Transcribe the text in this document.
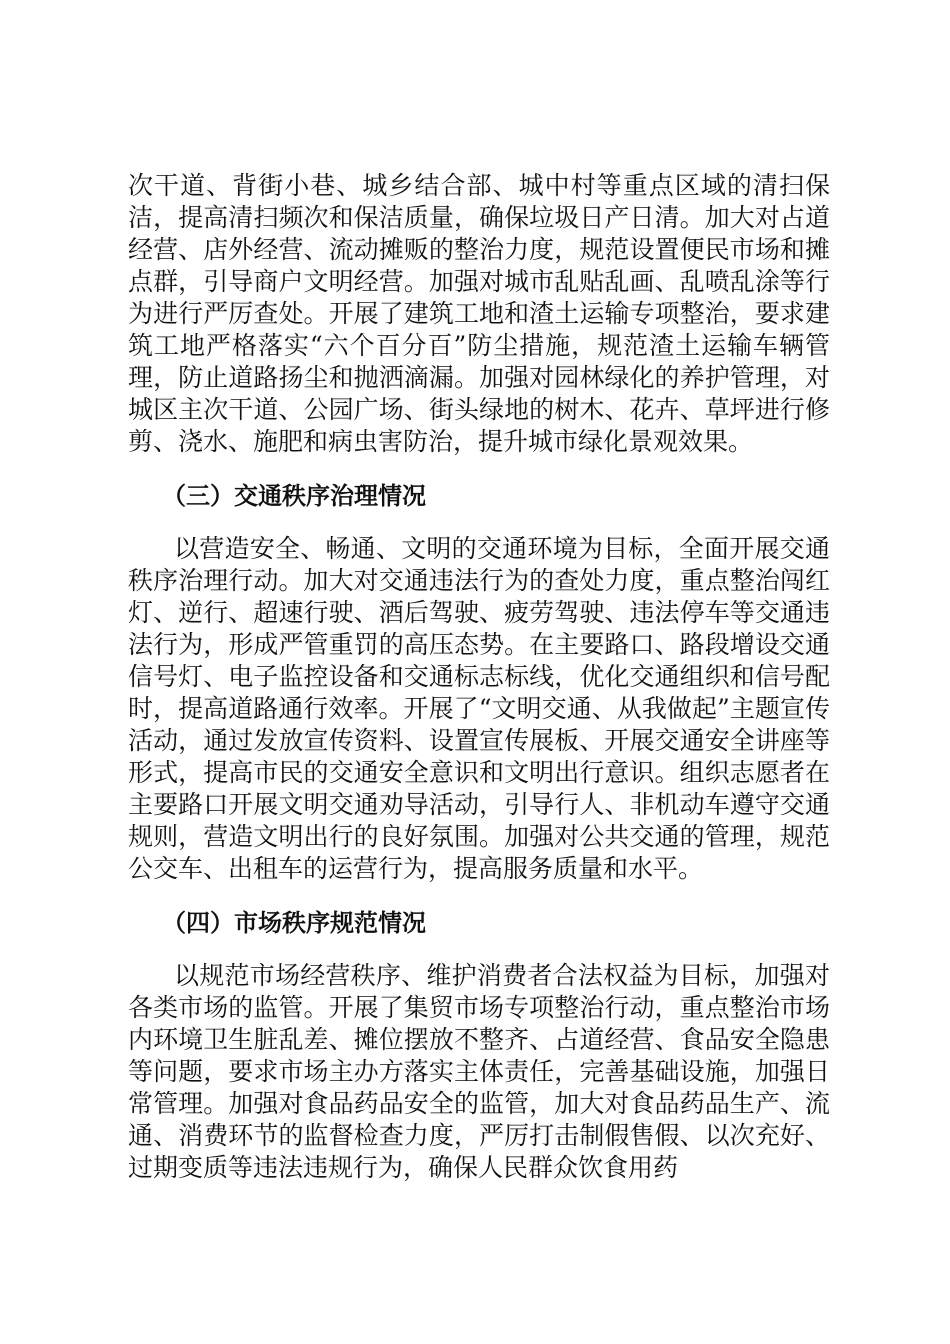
次干道、背街小巷、城乡结合部、城中村等重点区域的清扫保洁，提高清扫频次和保洁质量，确保垃圾日产日清。加大对占道经营、店外经营、流动摊贩的整治力度，规范设置便民市场和摊点群，引导商户文明经营。加强对城市乱贴乱画、乱喷乱涂等行为进行严厉查处。开展了建筑工地和渣土运输专项整治，要求建筑工地严格落实“六个百分百”防尘措施，规范渣土运输车辆管理，防止道路扬尘和抛洒滴漏。加强对园林绿化的养护管理，对城区主次干道、公园广场、街头绿地的树木、花卉、草坪进行修剪、浇水、施肥和病虫害防治，提升城市绿化景观效果。

（三）交通秩序治理情况

以营造安全、畅通、文明的交通环境为目标，全面开展交通秩序治理行动。加大对交通违法行为的查处力度，重点整治闯红灯、逆行、超速行驶、酒后驾驶、疲劳驾驶、违法停车等交通违法行为，形成严管重罚的高压态势。在主要路口、路段增设交通信号灯、电子监控设备和交通标志标线，优化交通组织和信号配时，提高道路通行效率。开展了“文明交通、从我做起”主题宣传活动，通过发放宣传资料、设置宣传展板、开展交通安全讲座等形式，提高市民的交通安全意识和文明出行意识。组织志愿者在主要路口开展文明交通劝导活动，引导行人、非机动车遵守交通规则，营造文明出行的良好氛围。加强对公共交通的管理，规范公交车、出租车的运营行为，提高服务质量和水平。

（四）市场秩序规范情况

以规范市场经营秩序、维护消费者合法权益为目标，加强对各类市场的监管。开展了集贸市场专项整治行动，重点整治市场内环境卫生脏乱差、摊位摆放不整齐、占道经营、食品安全隐患等问题，要求市场主办方落实主体责任，完善基础设施，加强日常管理。加强对食品药品安全的监管，加大对食品药品生产、流通、消费环节的监督检查力度，严厉打击制假售假、以次充好、过期变质等违法违规行为，确保人民群众饮食用药
